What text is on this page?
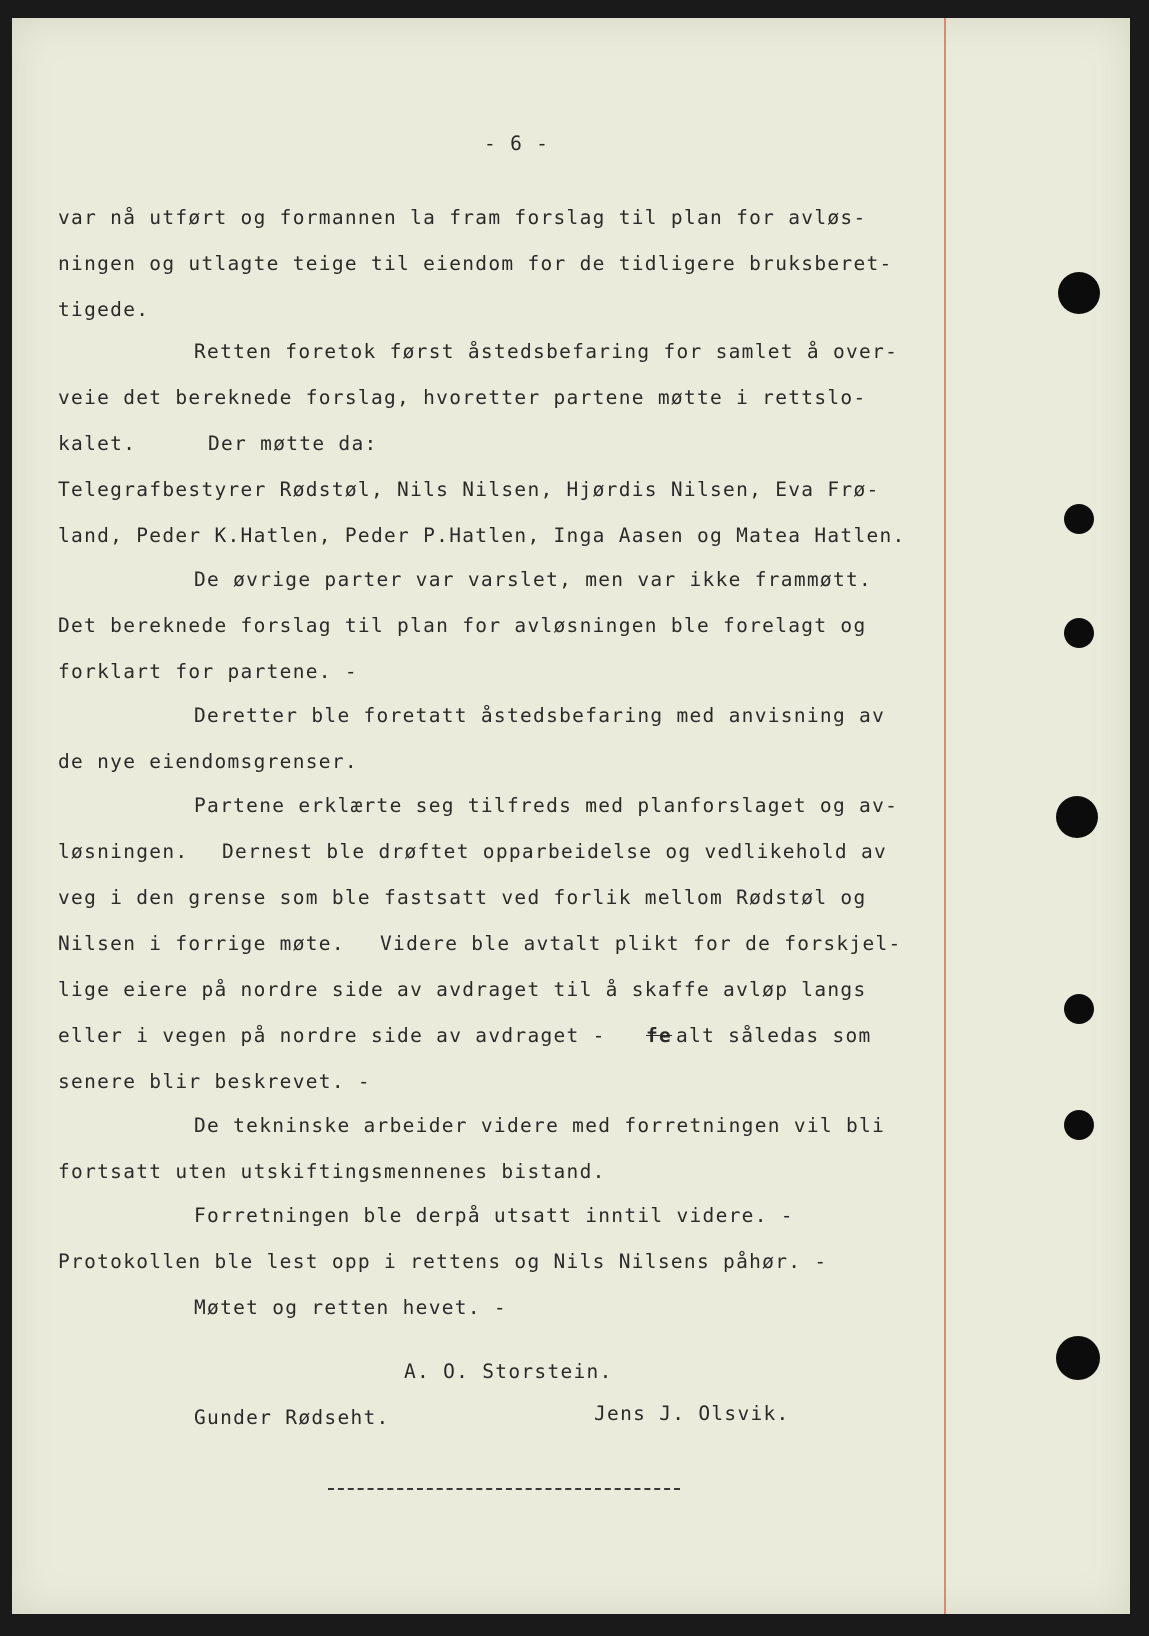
- 6 -
var nå utført og formannen la fram forslag til plan for avløs-
ningen og utlagte teige til eiendom for de tidligere bruksberet-
tigede.
Retten foretok først åstedsbefaring for samlet å over-
veie det bereknede forslag, hvoretter partene møtte i rettslo-
kalet.	Der møtte da:
Telegrafbestyrer Rødstøl, Nils Nilsen, Hjørdis Nilsen, Eva Frø-
land, Peder K.Hatlen, Peder P.Hatlen, Inga Aasen og Matea Hatlen.
De øvrige parter var varslet, men var ikke frammøtt.
Det bereknede forslag til plan for avløsningen ble forelagt og
forklart for partene. -
Deretter ble foretatt åstedsbefaring med anvisning av
de nye eiendomsgrenser.
Partene erklærte seg tilfreds med planforslaget og av-
løsningen. Dernest ble drøftet opparbeidelse og vedlikehold av
veg i den grense som ble fastsatt ved forlik mellom Rødstøl og
Nilsen i forrige møte. Videre ble avtalt plikt for de forskjel-
lige eiere på nordre side av avdraget til å skaffe avløp langs
eller i vegen på nordre side av avdraget - fe alt såledas som
senere blir beskrevet. -
De tekninske arbeider videre med forretningen vil bli
fortsatt uten utskiftingsmennenes bistand.
Forretningen ble derpå utsatt inntil videre. -
Protokollen ble lest opp i rettens og Nils Nilsens påhør. -
Møtet og retten hevet. -
A. O. Storstein.
Gunder Rødseht.	Jens J. Olsvik.
